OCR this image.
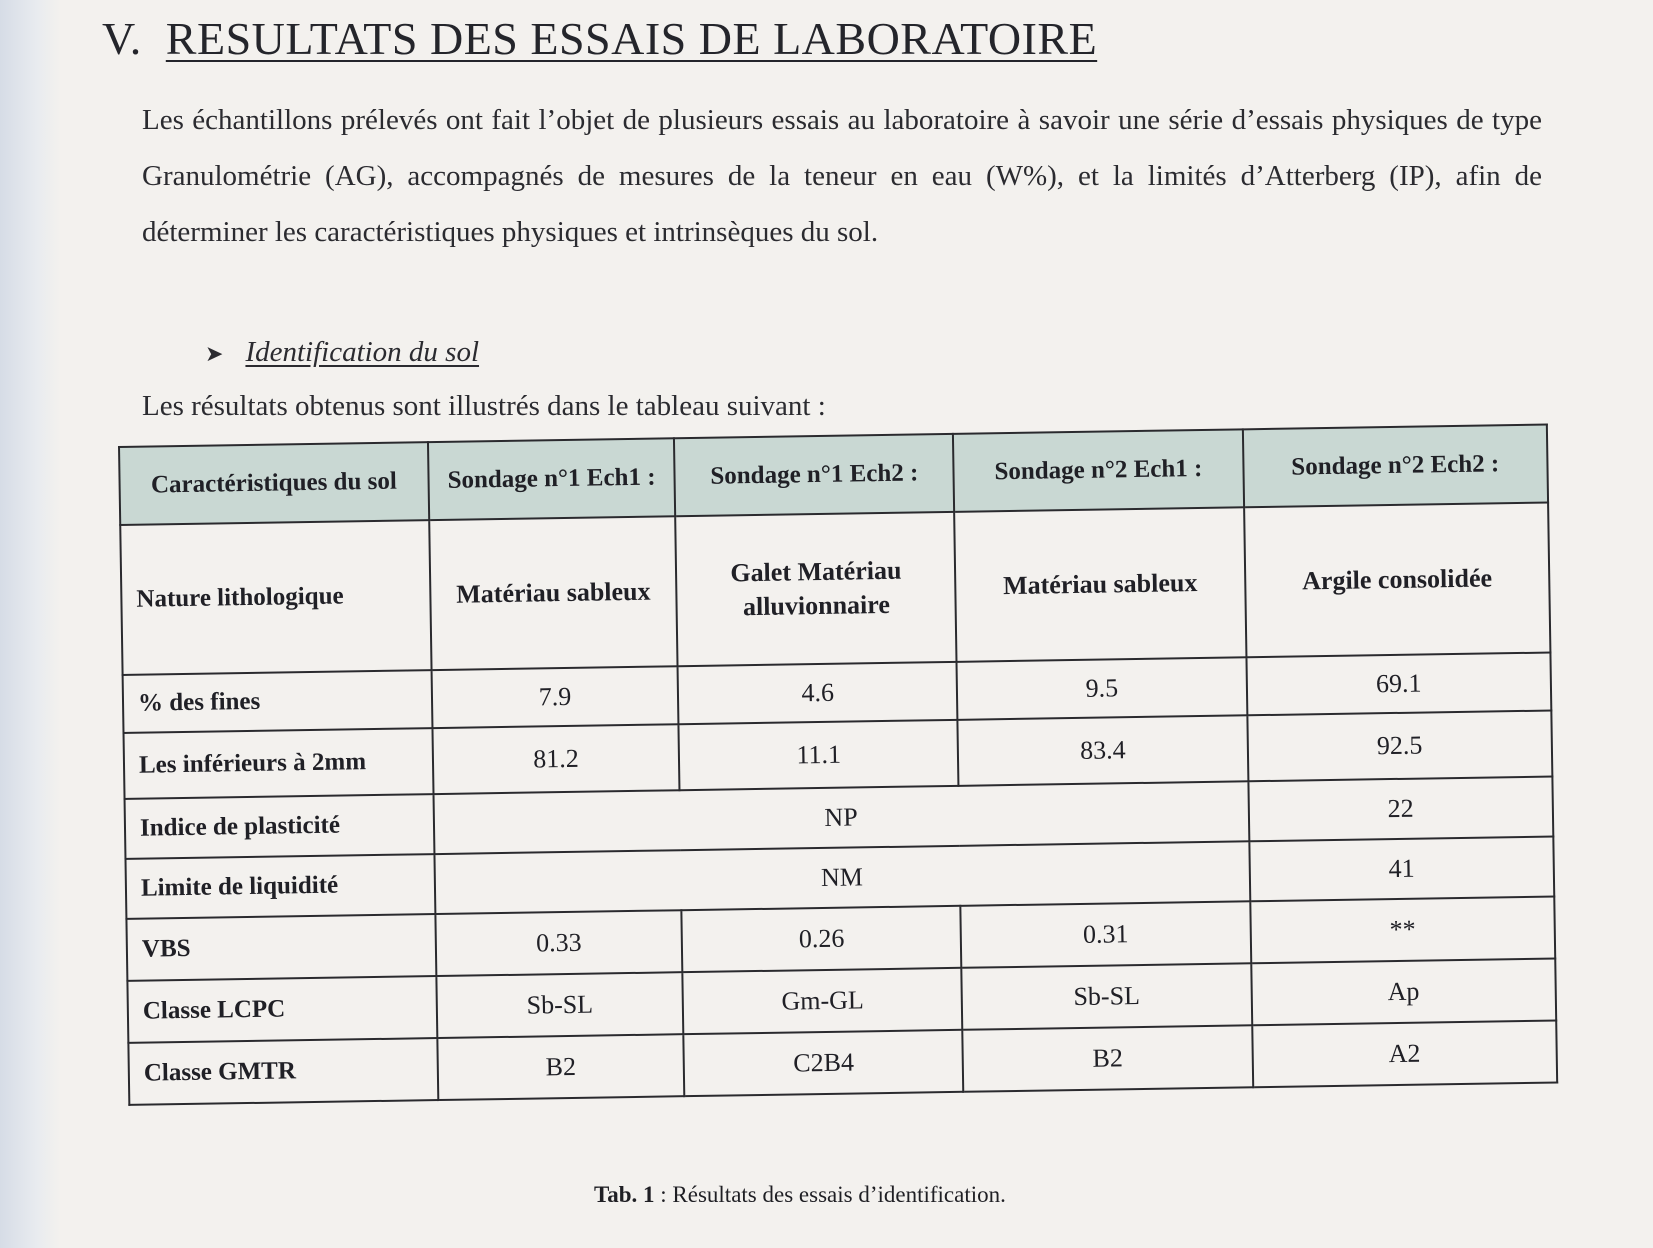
V. RESULTATS DES ESSAIS DE LABORATOIRE

Les échantillons prélevés ont fait l’objet de plusieurs essais au laboratoire à savoir une série d’essais physiques de type Granulométrie (AG), accompagnés de mesures de la teneur en eau (W%), et la limités d’Atterberg (IP), afin de déterminer les caractéristiques physiques et intrinsèques du sol.

➤ Identification du sol
Les résultats obtenus sont illustrés dans le tableau suivant :
Caractéristiques du sol	Sondage n°1 Ech1 :	Sondage n°1 Ech2 :	Sondage n°2 Ech1 :	Sondage n°2 Ech2 :
Nature lithologique	Matériau sableux	Galet Matériau alluvionnaire	Matériau sableux	Argile consolidée
% des fines	7.9	4.6	9.5	69.1
Les inférieurs à 2mm	81.2	11.1	83.4	92.5
Indice de plasticité	NP			22
Limite de liquidité	NM			41
VBS	0.33	0.26	0.31	**
Classe LCPC	Sb-SL	Gm-GL	Sb-SL	Ap
Classe GMTR	B2	C2B4	B2	A2
Tab. 1 : Résultats des essais d’identification.
